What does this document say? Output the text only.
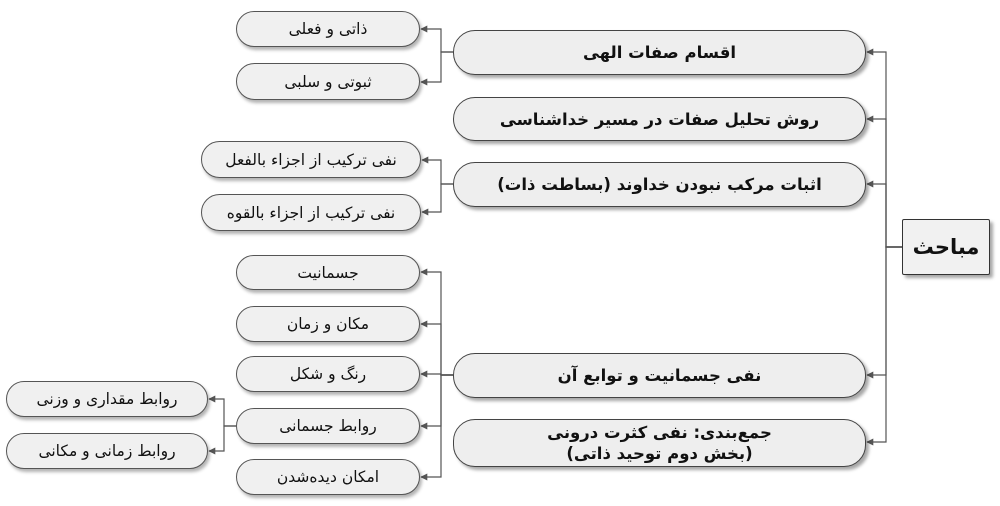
مباحث
اقسام صفات الهی
ذاتی و فعلی
ثبوتی و سلبی
روش تحلیل صفات در مسیر خداشناسی
اثبات مرکب نبودن خداوند (بساطت ذات)
نفی ترکیب از اجزاء بالفعل
نفی ترکیب از اجزاء بالقوه
نفی جسمانیت و توابع آن
جسمانیت
مکان و زمان
رنگ و شکل
روابط جسمانی
روابط مقداری و وزنی
روابط زمانی و مکانی
امکان دیده‌شدن
جمع‌بندی: نفی کثرت درونی
(بخش دوم توحید ذاتی)
